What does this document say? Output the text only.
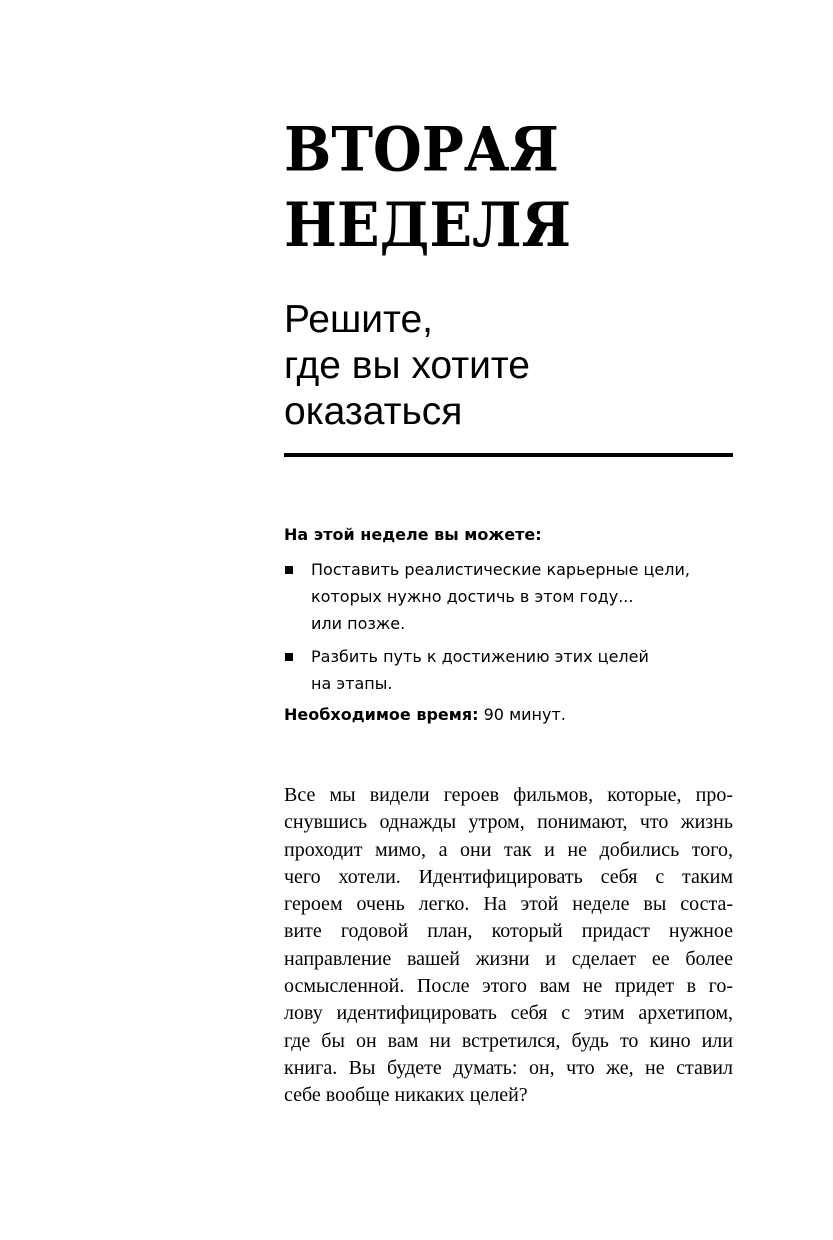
ВТОРАЯ
НЕДЕЛЯ
Решите,
где вы хотите
оказаться

На этой неделе вы можете:

Поставить реалистические карьерные цели,
которых нужно достичь в этом году...
или позже.
Разбить путь к достижению этих целей
на этапы.

Необходимое время: 90 минут.

Все мы видели героев фильмов, которые, про-
снувшись однажды утром, понимают, что жизнь
проходит мимо, а они так и не добились того,
чего хотели. Идентифицировать себя с таким
героем очень легко. На этой неделе вы соста-
вите годовой план, который придаст нужное
направление вашей жизни и сделает ее более
осмысленной. После этого вам не придет в го-
лову идентифицировать себя с этим архетипом,
где бы он вам ни встретился, будь то кино или
книга. Вы будете думать: он, что же, не ставил
себе вообще никаких целей?
